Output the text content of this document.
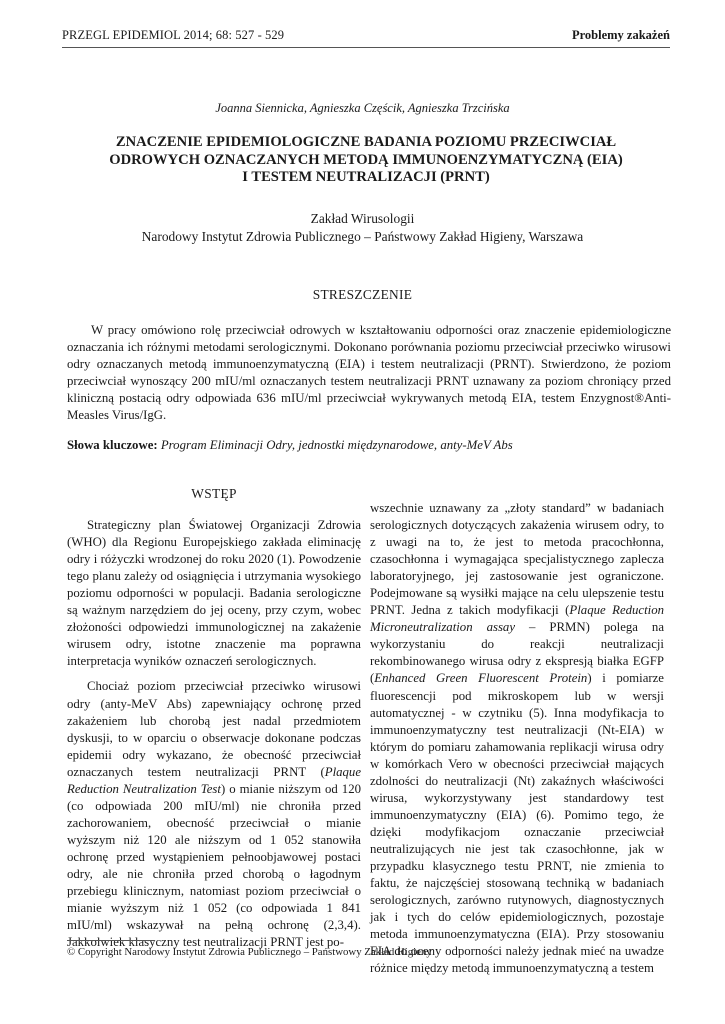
PRZEGL EPIDEMIOL 2014; 68: 527 - 529	Problemy zakażeń
Joanna Siennicka, Agnieszka Częścik, Agnieszka Trzcińska
ZNACZENIE EPIDEMIOLOGICZNE BADANIA POZIOMU PRZECIWCIAŁ
ODROWYCH OZNACZANYCH METODĄ IMMUNOENZYMATYCZNĄ (EIA)
I TESTEM NEUTRALIZACJI (PRNT)
Zakład Wirusologii
Narodowy Instytut Zdrowia Publicznego – Państwowy Zakład Higieny, Warszawa
STRESZCZENIE

W pracy omówiono rolę przeciwciał odrowych w kształtowaniu odporności oraz znaczenie epidemiologiczne oznaczania ich różnymi metodami serologicznymi. Dokonano porównania poziomu przeciwciał przeciwko wirusowi odry oznaczanych metodą immunoenzymatyczną (EIA) i testem neutralizacji (PRNT). Stwierdzono, że poziom przeciwciał wynoszący 200 mIU/ml oznaczanych testem neutralizacji PRNT uznawany za poziom chroniący przed kliniczną postacią odry odpowiada 636 mIU/ml przeciwciał wykrywanych metodą EIA, testem Enzygnost®Anti-Measles Virus/IgG.

Słowa kluczowe: Program Eliminacji Odry, jednostki międzynarodowe, anty-MeV Abs

WSTĘP

Strategiczny plan Światowej Organizacji Zdrowia (WHO) dla Regionu Europejskiego zakłada eliminację odry i różyczki wrodzonej do roku 2020 (1). Powodzenie tego planu zależy od osiągnięcia i utrzymania wysokiego poziomu odporności w populacji. Badania serologiczne są ważnym narzędziem do jej oceny, przy czym, wobec złożoności odpowiedzi immunologicznej na zakażenie wirusem odry, istotne znaczenie ma poprawna interpretacja wyników oznaczeń serologicznych.

Chociaż poziom przeciwciał przeciwko wirusowi odry (anty-MeV Abs) zapewniający ochronę przed zakażeniem lub chorobą jest nadal przedmiotem dyskusji, to w oparciu o obserwacje dokonane podczas epidemii odry wykazano, że obecność przeciwciał oznaczanych testem neutralizacji PRNT (Plaque Reduction Neutralization Test) o mianie niższym od 120 (co odpowiada 200 mIU/ml) nie chroniła przed zachorowaniem, obecność przeciwciał o mianie wyższym niż 120 ale niższym od 1 052 stanowiła ochronę przed wystąpieniem pełnoobjawowej postaci odry, ale nie chroniła przed chorobą o łagodnym przebiegu klinicznym, natomiast poziom przeciwciał o mianie wyższym niż 1 052 (co odpowiada 1 841 mIU/ml) wskazywał na pełną ochronę (2,3,4). Jakkolwiek klasyczny test neutralizacji PRNT jest po-

wszechnie uznawany za „złoty standard” w badaniach serologicznych dotyczących zakażenia wirusem odry, to z uwagi na to, że jest to metoda pracochłonna, czasochłonna i wymagająca specjalistycznego zaplecza laboratoryjnego, jej zastosowanie jest ograniczone. Podejmowane są wysiłki mające na celu ulepszenie testu PRNT. Jedna z takich modyfikacji (Plaque Reduction Microneutralization assay – PRMN) polega na wykorzystaniu do reakcji neutralizacji rekombinowanego wirusa odry z ekspresją białka EGFP (Enhanced Green Fluorescent Protein) i pomiarze fluorescencji pod mikroskopem lub w wersji automatycznej - w czytniku (5). Inna modyfikacja to immunoenzymatyczny test neutralizacji (Nt-EIA) w którym do pomiaru zahamowania replikacji wirusa odry w komórkach Vero w obecności przeciwciał mających zdolności do neutralizacji (Nt) zakaźnych właściwości wirusa, wykorzystywany jest standardowy test immunoenzymatyczny (EIA) (6). Pomimo tego, że dzięki modyfikacjom oznaczanie przeciwciał neutralizujących nie jest tak czasochłonne, jak w przypadku klasycznego testu PRNT, nie zmienia to faktu, że najczęściej stosowaną techniką w badaniach serologicznych, zarówno rutynowych, diagnostycznych jak i tych do celów epidemiologicznych, pozostaje metoda immunoenzymatyczna (EIA). Przy stosowaniu EIA do oceny odporności należy jednak mieć na uwadze różnice między metodą immunoenzymatyczną a testem

© Copyright Narodowy Instytut Zdrowia Publicznego – Państwowy Zakład Higieny
